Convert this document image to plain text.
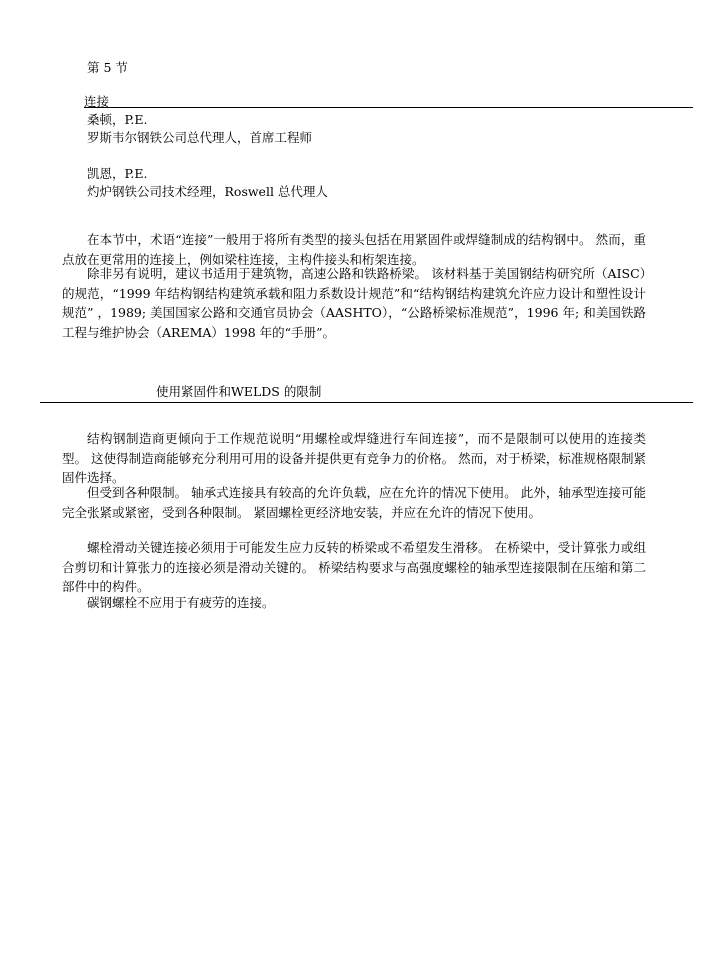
第 5 节
连接
桑顿，P.E.
罗斯韦尔钢铁公司总代理人，首席工程师
凯恩，P.E.
灼炉钢铁公司技术经理，Roswell 总代理人
在本节中，术语“连接”一般用于将所有类型的接头包括在用紧固件或焊缝制成的结构钢中。 然而，重点放在更常用的连接上，例如梁柱连接，主构件接头和桁架连接。
除非另有说明，建议书适用于建筑物，高速公路和铁路桥梁。 该材料基于美国钢结构研究所（AISC）的规范，“1999 年结构钢结构建筑承载和阻力系数设计规范”和“结构钢结构建筑允许应力设计和塑性设计规范” ，1989; 美国国家公路和交通官员协会（AASHTO），“公路桥梁标准规范”，1996 年; 和美国铁路工程与维护协会（AREMA）1998 年的“手册”。
使用紧固件和WELDS 的限制
结构钢制造商更倾向于工作规范说明“用螺栓或焊缝进行车间连接”，而不是限制可以使用的连接类型。 这使得制造商能够充分利用可用的设备并提供更有竞争力的价格。 然而，对于桥梁，标准规格限制紧固件选择。
但受到各种限制。 轴承式连接具有较高的允许负载，应在允许的情况下使用。 此外，轴承型连接可能完全张紧或紧密，受到各种限制。 紧固螺栓更经济地安装，并应在允许的情况下使用。
螺栓滑动关键连接必须用于可能发生应力反转的桥梁或不希望发生滑移。 在桥梁中，受计算张力或组合剪切和计算张力的连接必须是滑动关键的。 桥梁结构要求与高强度螺栓的轴承型连接限制在压缩和第二部件中的构件。
碳钢螺栓不应用于有疲劳的连接。
